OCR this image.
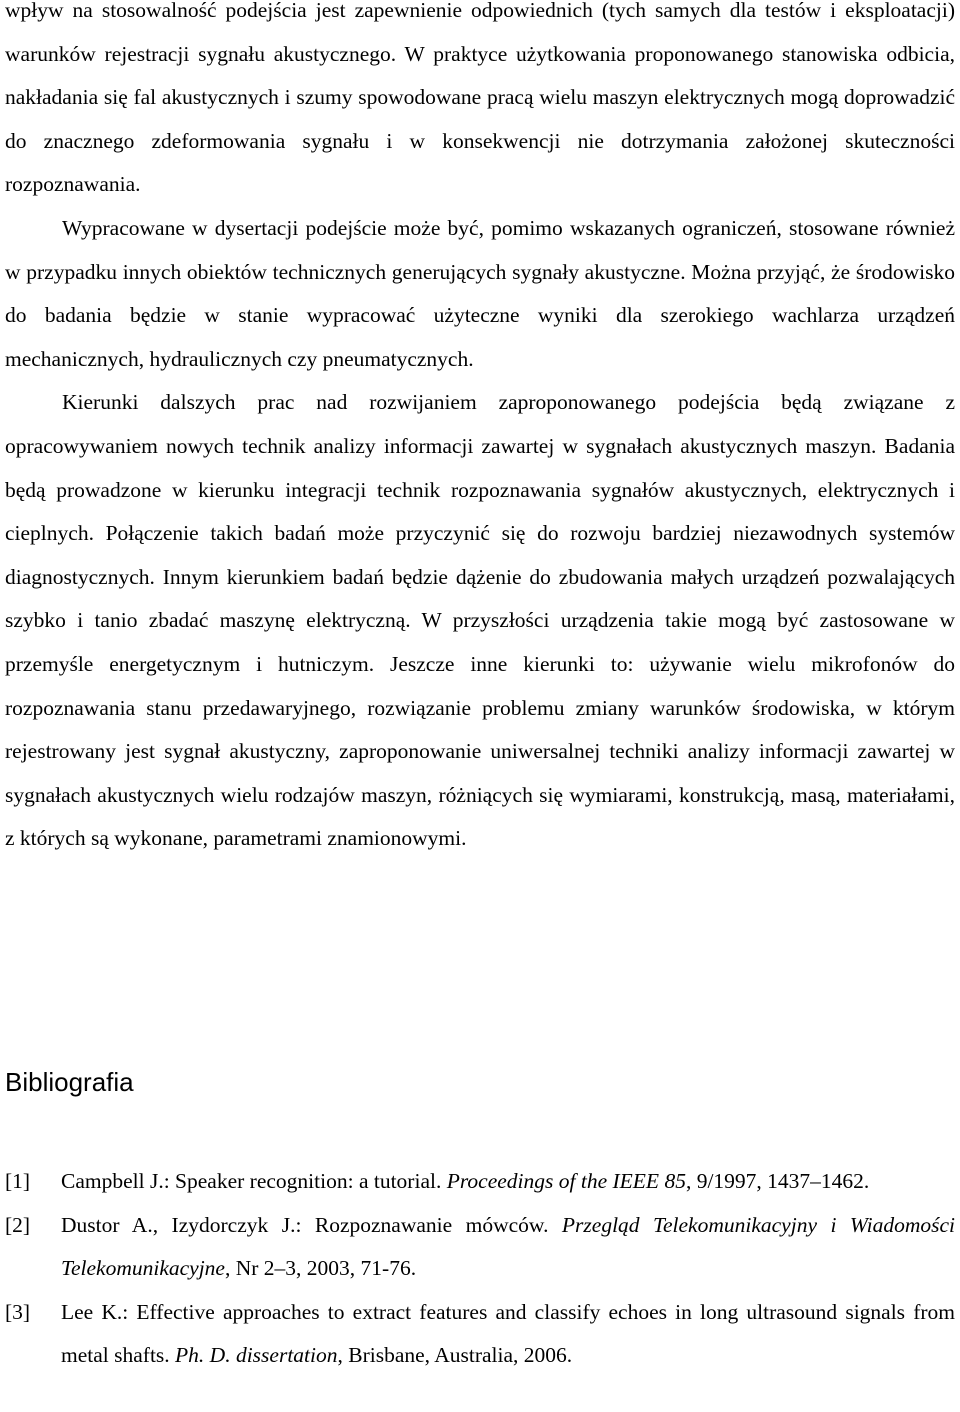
wpływ na stosowalność podejścia jest zapewnienie odpowiednich (tych samych dla testów i eksploatacji) warunków rejestracji sygnału akustycznego. W praktyce użytkowania proponowanego stanowiska odbicia, nakładania się fal akustycznych i szumy spowodowane pracą wielu maszyn elektrycznych mogą doprowadzić do znacznego zdeformowania sygnału i w konsekwencji nie dotrzymania założonej skuteczności rozpoznawania.

Wypracowane w dysertacji podejście może być, pomimo wskazanych ograniczeń, stosowane również w przypadku innych obiektów technicznych generujących sygnały akustyczne. Można przyjąć, że środowisko do badania będzie w stanie wypracować użyteczne wyniki dla szerokiego wachlarza urządzeń mechanicznych, hydraulicznych czy pneumatycznych.

Kierunki dalszych prac nad rozwijaniem zaproponowanego podejścia będą związane z opracowywaniem nowych technik analizy informacji zawartej w sygnałach akustycznych maszyn. Badania będą prowadzone w kierunku integracji technik rozpoznawania sygnałów akustycznych, elektrycznych i cieplnych. Połączenie takich badań może przyczynić się do rozwoju bardziej niezawodnych systemów diagnostycznych. Innym kierunkiem badań będzie dążenie do zbudowania małych urządzeń pozwalających szybko i tanio zbadać maszynę elektryczną. W przyszłości urządzenia takie mogą być zastosowane w przemyśle energetycznym i hutniczym. Jeszcze inne kierunki to: używanie wielu mikrofonów do rozpoznawania stanu przedawaryjnego, rozwiązanie problemu zmiany warunków środowiska, w którym rejestrowany jest sygnał akustyczny, zaproponowanie uniwersalnej techniki analizy informacji zawartej w sygnałach akustycznych wielu rodzajów maszyn, różniących się wymiarami, konstrukcją, masą, materiałami, z których są wykonane, parametrami znamionowymi.

Bibliografia
[1] Campbell J.: Speaker recognition: a tutorial. Proceedings of the IEEE 85, 9/1997, 1437–1462.
[2] Dustor A., Izydorczyk J.: Rozpoznawanie mówców. Przegląd Telekomunikacyjny i Wiadomości Telekomunikacyjne, Nr 2–3, 2003, 71-76.
[3] Lee K.: Effective approaches to extract features and classify echoes in long ultrasound signals from metal shafts. Ph. D. dissertation, Brisbane, Australia, 2006.
